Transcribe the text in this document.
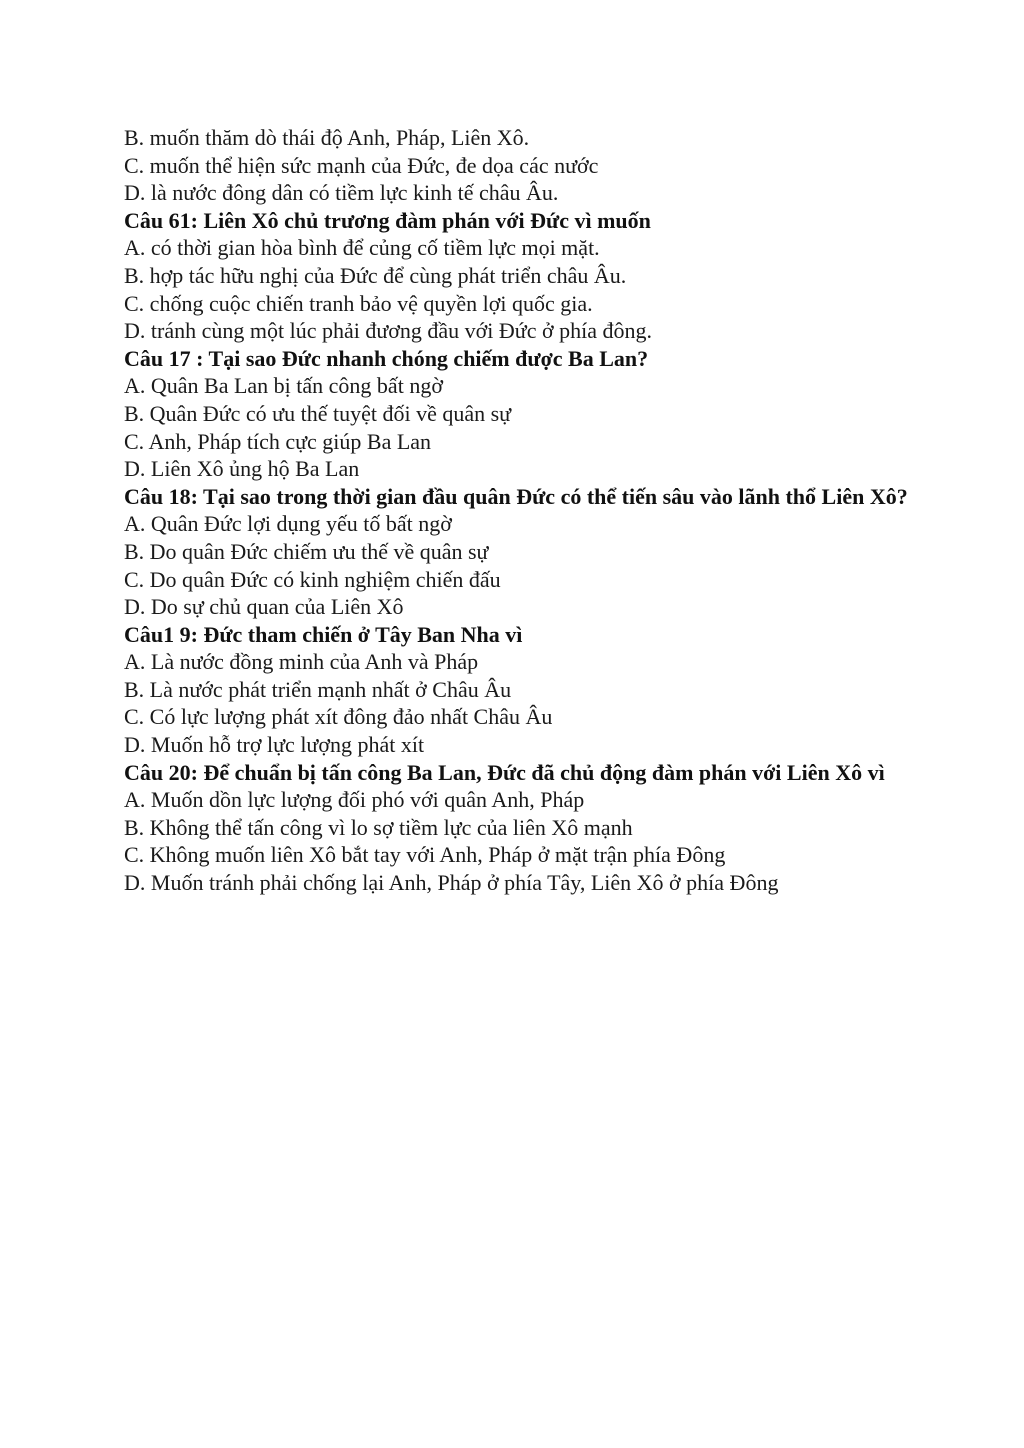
B. muốn thăm dò thái độ Anh, Pháp, Liên Xô.

C. muốn thể hiện sức mạnh của Đức, đe dọa các nước

D. là nước đông dân có tiềm lực kinh tế châu Âu.

Câu 61: Liên Xô chủ trương đàm phán với Đức vì muốn

A. có thời gian hòa bình để củng cố tiềm lực mọi mặt.

B. hợp tác hữu nghị của Đức để cùng phát triển châu Âu.

C. chống cuộc chiến tranh bảo vệ quyền lợi quốc gia.

D. tránh cùng một lúc phải đương đầu với Đức ở phía đông.

Câu 17 : Tại sao Đức nhanh chóng chiếm được Ba Lan?

A. Quân Ba Lan bị tấn công bất ngờ

B. Quân Đức có ưu thế tuyệt đối về quân sự

C. Anh, Pháp tích cực giúp Ba Lan

D. Liên Xô ủng hộ Ba Lan

Câu 18: Tại sao trong thời gian đầu quân Đức có thể tiến sâu vào lãnh thổ Liên Xô?

A. Quân Đức lợi dụng yếu tố bất ngờ

B. Do quân Đức chiếm ưu thế về quân sự

C. Do quân Đức có kinh nghiệm chiến đấu

D. Do sự chủ quan của Liên Xô

Câu1 9: Đức tham chiến ở Tây Ban Nha vì

A. Là nước đồng minh của Anh và Pháp

B. Là nước phát triển mạnh nhất ở Châu Âu

C. Có lực lượng phát xít đông đảo nhất Châu Âu

D. Muốn hỗ trợ lực lượng phát xít

Câu 20: Để chuẩn bị tấn công Ba Lan, Đức đã chủ động đàm phán với Liên Xô vì

A. Muốn dồn lực lượng đối phó với quân Anh, Pháp

B. Không thể tấn công vì lo sợ tiềm lực của liên Xô mạnh

C. Không muốn liên Xô bắt tay với Anh, Pháp ở mặt trận phía Đông

D. Muốn tránh phải chống lại Anh, Pháp ở phía Tây, Liên Xô ở phía Đông
